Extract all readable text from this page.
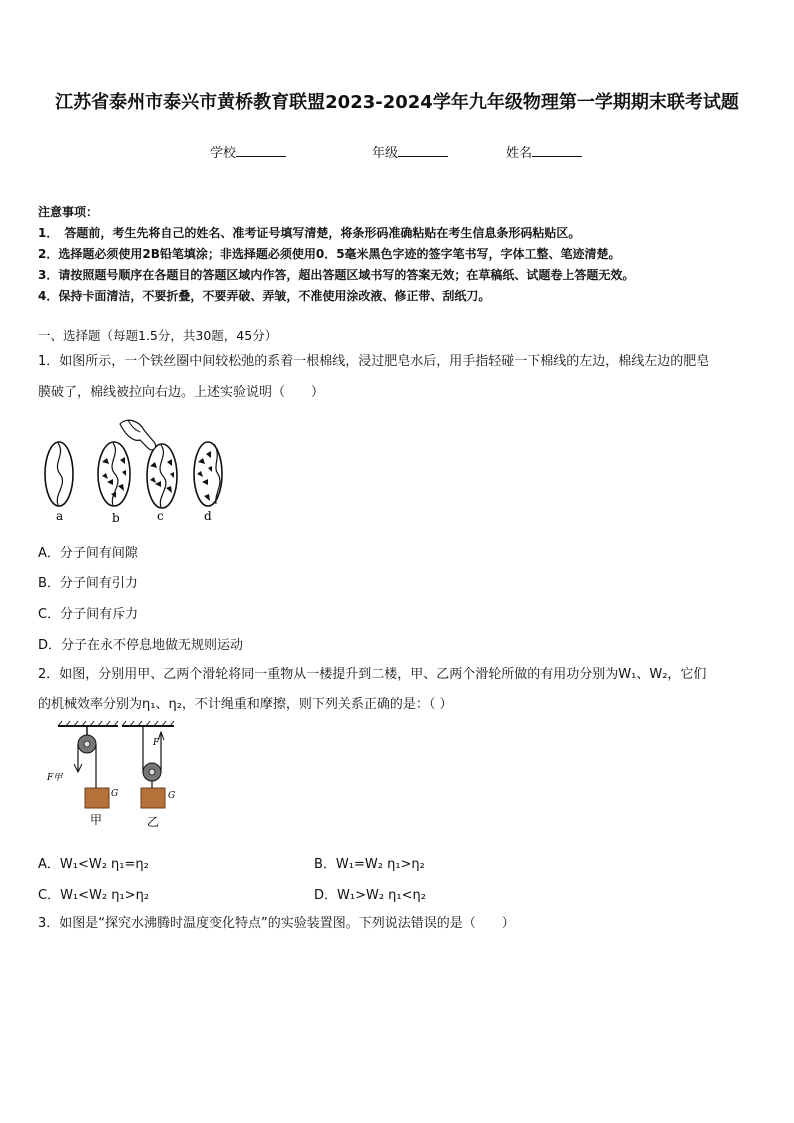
江苏省泰州市泰兴市黄桥教育联盟2023-2024学年九年级物理第一学期期末联考试题
学校	年级	姓名
注意事项：
1．　答题前，考生先将自己的姓名、准考证号填写清楚，将条形码准确粘贴在考生信息条形码粘贴区。
2．选择题必须使用2B铅笔填涂；非选择题必须使用0．5毫米黑色字迹的签字笔书写，字体工整、笔迹清楚。
3．请按照题号顺序在各题目的答题区域内作答，超出答题区域书写的答案无效；在草稿纸、试题卷上答题无效。
4．保持卡面清洁，不要折叠，不要弄破、弄皱，不准使用涂改液、修正带、刮纸刀。
一、选择题（每题1.5分，共30题，45分）
1．如图所示，一个铁丝圈中间较松弛的系着一根棉线，浸过肥皂水后，用手指轻碰一下棉线的左边，棉线左边的肥皂
膜破了，棉线被拉向右边。上述实验说明（　　）
a	b	c	d
A．分子间有间隙
B．分子间有引力
C．分子间有斥力
D．分子在永不停息地做无规则运动
2．如图，分别用甲、乙两个滑轮将同一重物从一楼提升到二楼，甲、乙两个滑轮所做的有用功分别为W₁、W₂，它们
的机械效率分别为η₁、η₂，不计绳重和摩擦，则下列关系正确的是：（ ）
F甲
F
G	G
甲	乙
A．W₁<W₂ η₁=η₂	B．W₁=W₂ η₁>η₂
C．W₁<W₂ η₁>η₂	D．W₁>W₂ η₁<η₂
3．如图是“探究水沸腾时温度变化特点”的实验装置图。下列说法错误的是（　　）
